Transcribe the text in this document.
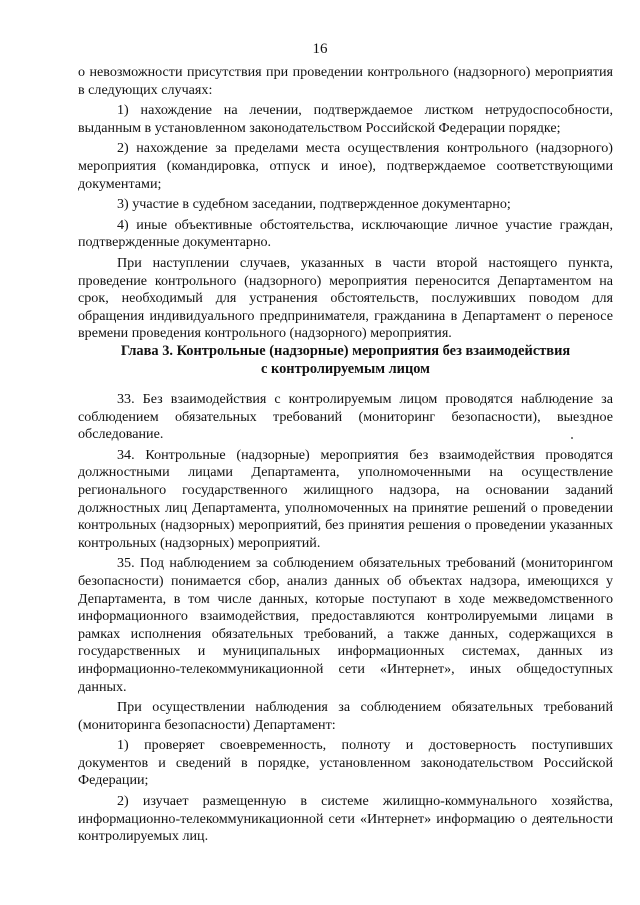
16

о невозможности присутствия при проведении контрольного (надзорного) мероприятия в следующих случаях:

1) нахождение на лечении, подтверждаемое листком нетрудоспособности, выданным в установленном законодательством Российской Федерации порядке;

2) нахождение за пределами места осуществления контрольного (надзорного) мероприятия (командировка, отпуск и иное), подтверждаемое соответствующими документами;

3) участие в судебном заседании, подтвержденное документарно;

4) иные объективные обстоятельства, исключающие личное участие граждан, подтвержденные документарно.

При наступлении случаев, указанных в части второй настоящего пункта, проведение контрольного (надзорного) мероприятия переносится Департаментом на срок, необходимый для устранения обстоятельств, послуживших поводом для обращения индивидуального предпринимателя, гражданина в Департамент о переносе времени проведения контрольного (надзорного) мероприятия.

Глава 3. Контрольные (надзорные) мероприятия без взаимодействия
с контролируемым лицом

33. Без взаимодействия с контролируемым лицом проводятся наблюдение за соблюдением обязательных требований (мониторинг безопасности), выездное обследование.

34. Контрольные (надзорные) мероприятия без взаимодействия проводятся должностными лицами Департамента, уполномоченными на осуществление регионального государственного жилищного надзора, на основании заданий должностных лиц Департамента, уполномоченных на принятие решений о проведении контрольных (надзорных) мероприятий, без принятия решения о проведении указанных контрольных (надзорных) мероприятий.

35. Под наблюдением за соблюдением обязательных требований (мониторингом безопасности) понимается сбор, анализ данных об объектах надзора, имеющихся у Департамента, в том числе данных, которые поступают в ходе межведомственного информационного взаимодействия, предоставляются контролируемыми лицами в рамках исполнения обязательных требований, а также данных, содержащихся в государственных и муниципальных информационных системах, данных из информационно-телекоммуникационной сети «Интернет», иных общедоступных данных.

При осуществлении наблюдения за соблюдением обязательных требований (мониторинга безопасности) Департамент:

1) проверяет своевременность, полноту и достоверность поступивших документов и сведений в порядке, установленном законодательством Российской Федерации;

2) изучает размещенную в системе жилищно-коммунального хозяйства, информационно-телекоммуникационной сети «Интернет» информацию о деятельности контролируемых лиц.
